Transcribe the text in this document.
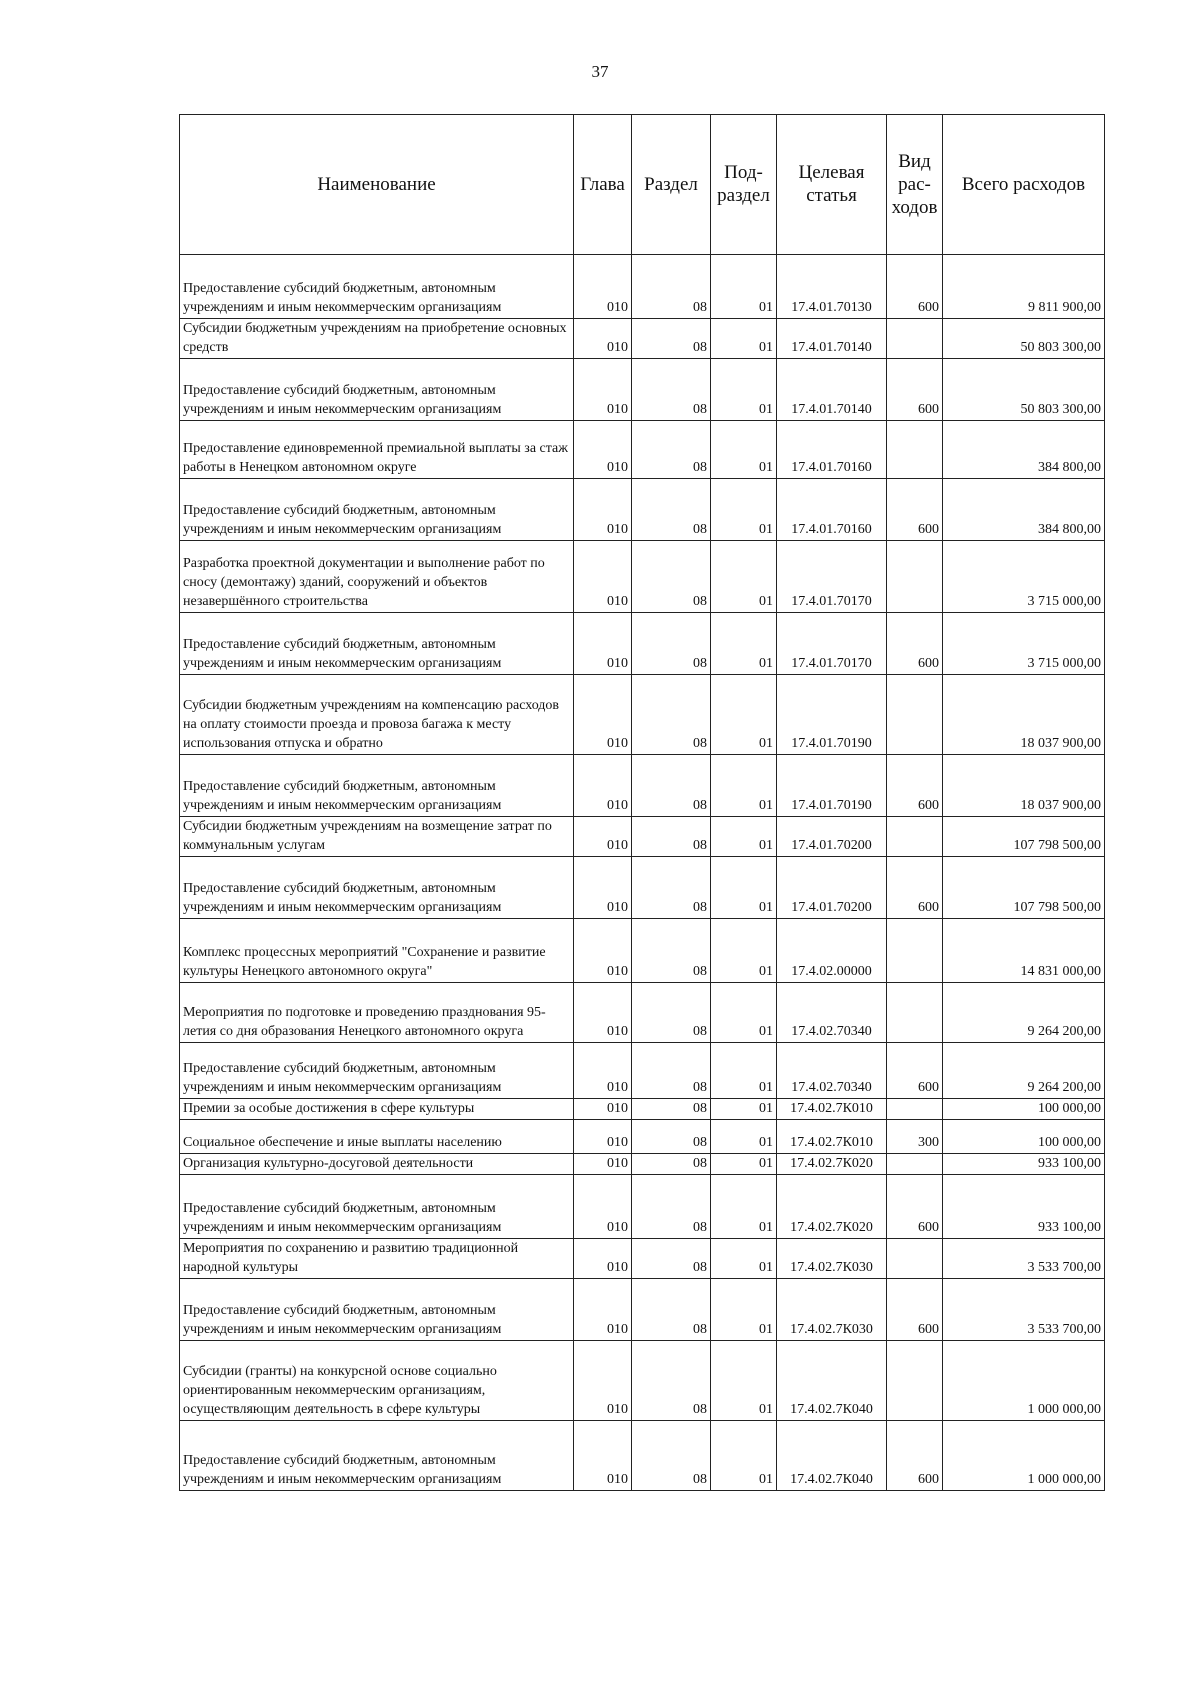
37
Наименование	Глава	Раздел	Под-раздел	Целевая статья	Вид рас-ходов	Всего расходов
Предоставление субсидий бюджетным, автономным учреждениям и иным некоммерческим организациям	010	08	01	17.4.01.70130	600	9 811 900,00
Субсидии бюджетным учреждениям на приобретение основных средств	010	08	01	17.4.01.70140		50 803 300,00
Предоставление субсидий бюджетным, автономным учреждениям и иным некоммерческим организациям	010	08	01	17.4.01.70140	600	50 803 300,00
Предоставление единовременной премиальной выплаты за стаж работы в Ненецком автономном округе	010	08	01	17.4.01.70160		384 800,00
Предоставление субсидий бюджетным, автономным учреждениям и иным некоммерческим организациям	010	08	01	17.4.01.70160	600	384 800,00
Разработка проектной документации и выполнение работ по сносу (демонтажу) зданий, сооружений и объектов незавершённого строительства	010	08	01	17.4.01.70170		3 715 000,00
Предоставление субсидий бюджетным, автономным учреждениям и иным некоммерческим организациям	010	08	01	17.4.01.70170	600	3 715 000,00
Субсидии бюджетным учреждениям на компенсацию расходов на оплату стоимости проезда и провоза багажа к месту использования отпуска и обратно	010	08	01	17.4.01.70190		18 037 900,00
Предоставление субсидий бюджетным, автономным учреждениям и иным некоммерческим организациям	010	08	01	17.4.01.70190	600	18 037 900,00
Субсидии бюджетным учреждениям на возмещение затрат по коммунальным услугам	010	08	01	17.4.01.70200		107 798 500,00
Предоставление субсидий бюджетным, автономным учреждениям и иным некоммерческим организациям	010	08	01	17.4.01.70200	600	107 798 500,00
Комплекс процессных мероприятий "Сохранение и развитие культуры Ненецкого автономного округа"	010	08	01	17.4.02.00000		14 831 000,00
Мероприятия по подготовке и проведению празднования 95-летия со дня образования Ненецкого автономного округа	010	08	01	17.4.02.70340		9 264 200,00
Предоставление субсидий бюджетным, автономным учреждениям и иным некоммерческим организациям	010	08	01	17.4.02.70340	600	9 264 200,00
Премии за особые достижения в сфере культуры	010	08	01	17.4.02.7К010		100 000,00
Социальное обеспечение и иные выплаты населению	010	08	01	17.4.02.7К010	300	100 000,00
Организация культурно-досуговой деятельности	010	08	01	17.4.02.7К020		933 100,00
Предоставление субсидий бюджетным, автономным учреждениям и иным некоммерческим организациям	010	08	01	17.4.02.7К020	600	933 100,00
Мероприятия по сохранению и развитию традиционной народной культуры	010	08	01	17.4.02.7К030		3 533 700,00
Предоставление субсидий бюджетным, автономным учреждениям и иным некоммерческим организациям	010	08	01	17.4.02.7К030	600	3 533 700,00
Субсидии (гранты) на конкурсной основе социально ориентированным некоммерческим организациям, осуществляющим деятельность в сфере культуры	010	08	01	17.4.02.7К040		1 000 000,00
Предоставление субсидий бюджетным, автономным учреждениям и иным некоммерческим организациям	010	08	01	17.4.02.7К040	600	1 000 000,00
